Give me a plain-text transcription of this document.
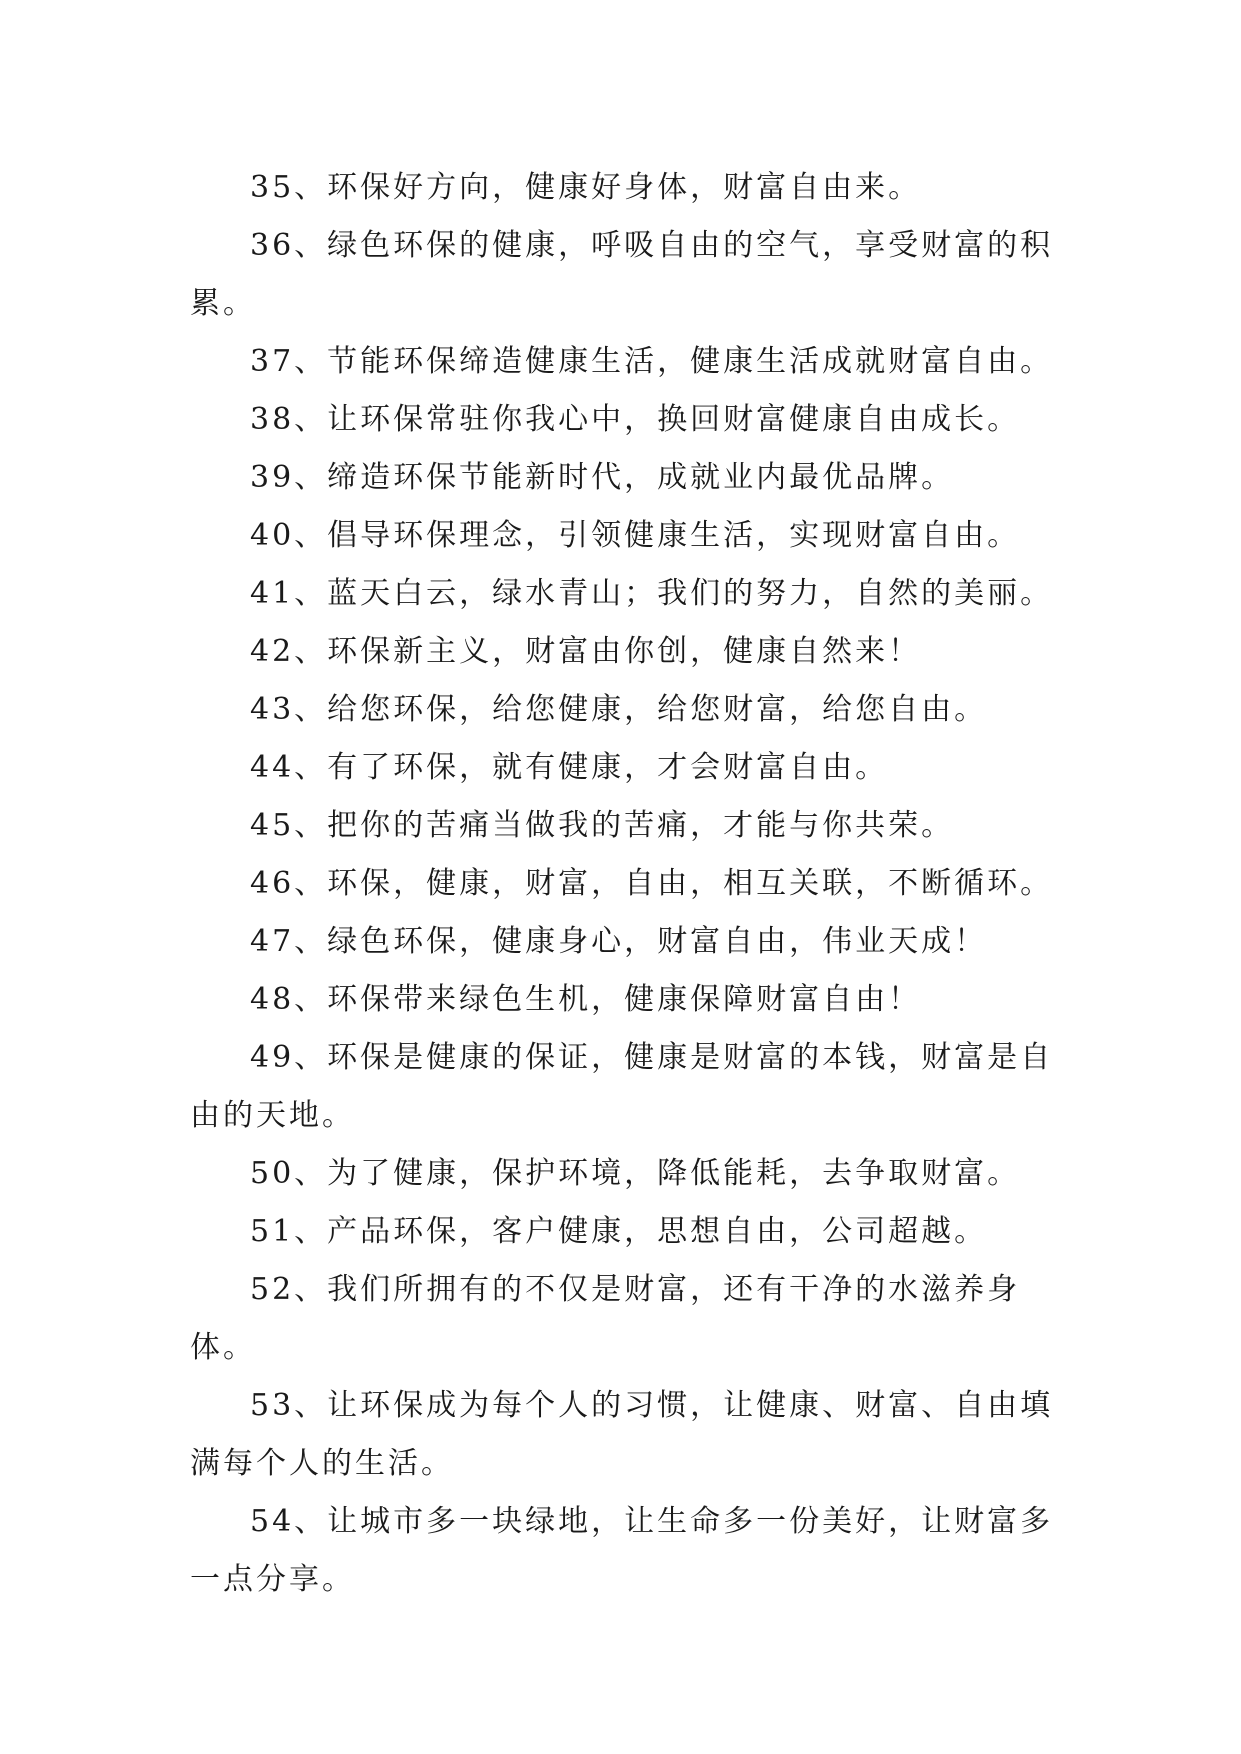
35、环保好方向，健康好身体，财富自由来。

36、绿色环保的健康，呼吸自由的空气，享受财富的积累。

37、节能环保缔造健康生活，健康生活成就财富自由。

38、让环保常驻你我心中，换回财富健康自由成长。

39、缔造环保节能新时代，成就业内最优品牌。

40、倡导环保理念，引领健康生活，实现财富自由。

41、蓝天白云，绿水青山；我们的努力，自然的美丽。

42、环保新主义，财富由你创，健康自然来！

43、给您环保，给您健康，给您财富，给您自由。

44、有了环保，就有健康，才会财富自由。

45、把你的苦痛当做我的苦痛，才能与你共荣。

46、环保，健康，财富，自由，相互关联，不断循环。

47、绿色环保，健康身心，财富自由，伟业天成！

48、环保带来绿色生机，健康保障财富自由！

49、环保是健康的保证，健康是财富的本钱，财富是自由的天地。

50、为了健康，保护环境，降低能耗，去争取财富。

51、产品环保，客户健康，思想自由，公司超越。

52、我们所拥有的不仅是财富，还有干净的水滋养身体。

53、让环保成为每个人的习惯，让健康、财富、自由填满每个人的生活。

54、让城市多一块绿地，让生命多一份美好，让财富多一点分享。
